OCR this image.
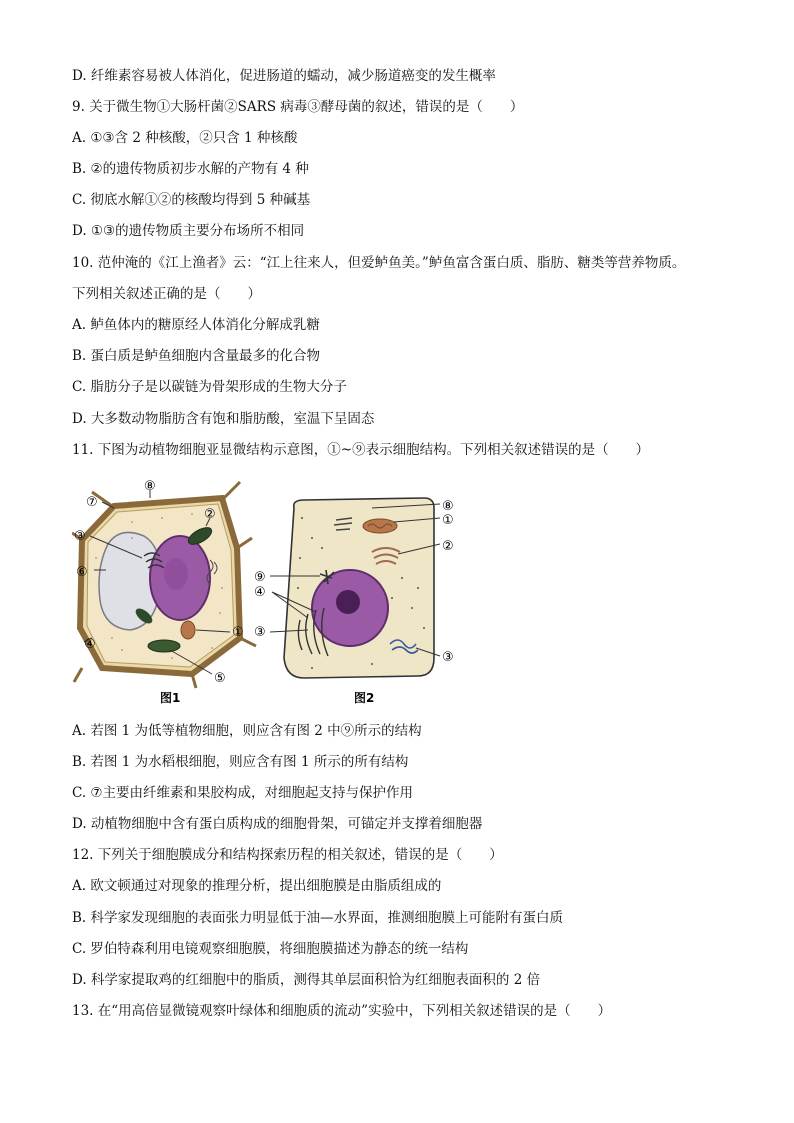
D. 纤维素容易被人体消化，促进肠道的蠕动，减少肠道癌变的发生概率
9. 关于微生物①大肠杆菌②SARS 病毒③酵母菌的叙述，错误的是（　　）
A. ①③含 2 种核酸，②只含 1 种核酸
B. ②的遗传物质初步水解的产物有 4 种
C. 彻底水解①②的核酸均得到 5 种碱基
D. ①③的遗传物质主要分布场所不相同
10. 范仲淹的《江上渔者》云：“江上往来人，但爱鲈鱼美。”鲈鱼富含蛋白质、脂肪、糖类等营养物质。
下列相关叙述正确的是（　　）
A. 鲈鱼体内的糖原经人体消化分解成乳糖
B. 蛋白质是鲈鱼细胞内含量最多的化合物
C. 脂肪分子是以碳链为骨架形成的生物大分子
D. 大多数动物脂肪含有饱和脂肪酸，室温下呈固态
11. 下图为动植物细胞亚显微结构示意图，①~⑨表示细胞结构。下列相关叙述错误的是（　　）
⑦
⑧
②
③
⑥
④
①
⑤
图1
⑧
①
②
⑨
④
③
③
图2
A. 若图 1 为低等植物细胞，则应含有图 2 中⑨所示的结构
B. 若图 1 为水稻根细胞，则应含有图 1 所示的所有结构
C. ⑦主要由纤维素和果胶构成，对细胞起支持与保护作用
D. 动植物细胞中含有蛋白质构成的细胞骨架，可锚定并支撑着细胞器
12. 下列关于细胞膜成分和结构探索历程的相关叙述，错误的是（　　）
A. 欧文顿通过对现象的推理分析，提出细胞膜是由脂质组成的
B. 科学家发现细胞的表面张力明显低于油—水界面，推测细胞膜上可能附有蛋白质
C. 罗伯特森利用电镜观察细胞膜，将细胞膜描述为静态的统一结构
D. 科学家提取鸡的红细胞中的脂质，测得其单层面积恰为红细胞表面积的 2 倍
13. 在“用高倍显微镜观察叶绿体和细胞质的流动”实验中，下列相关叙述错误的是（　　）
